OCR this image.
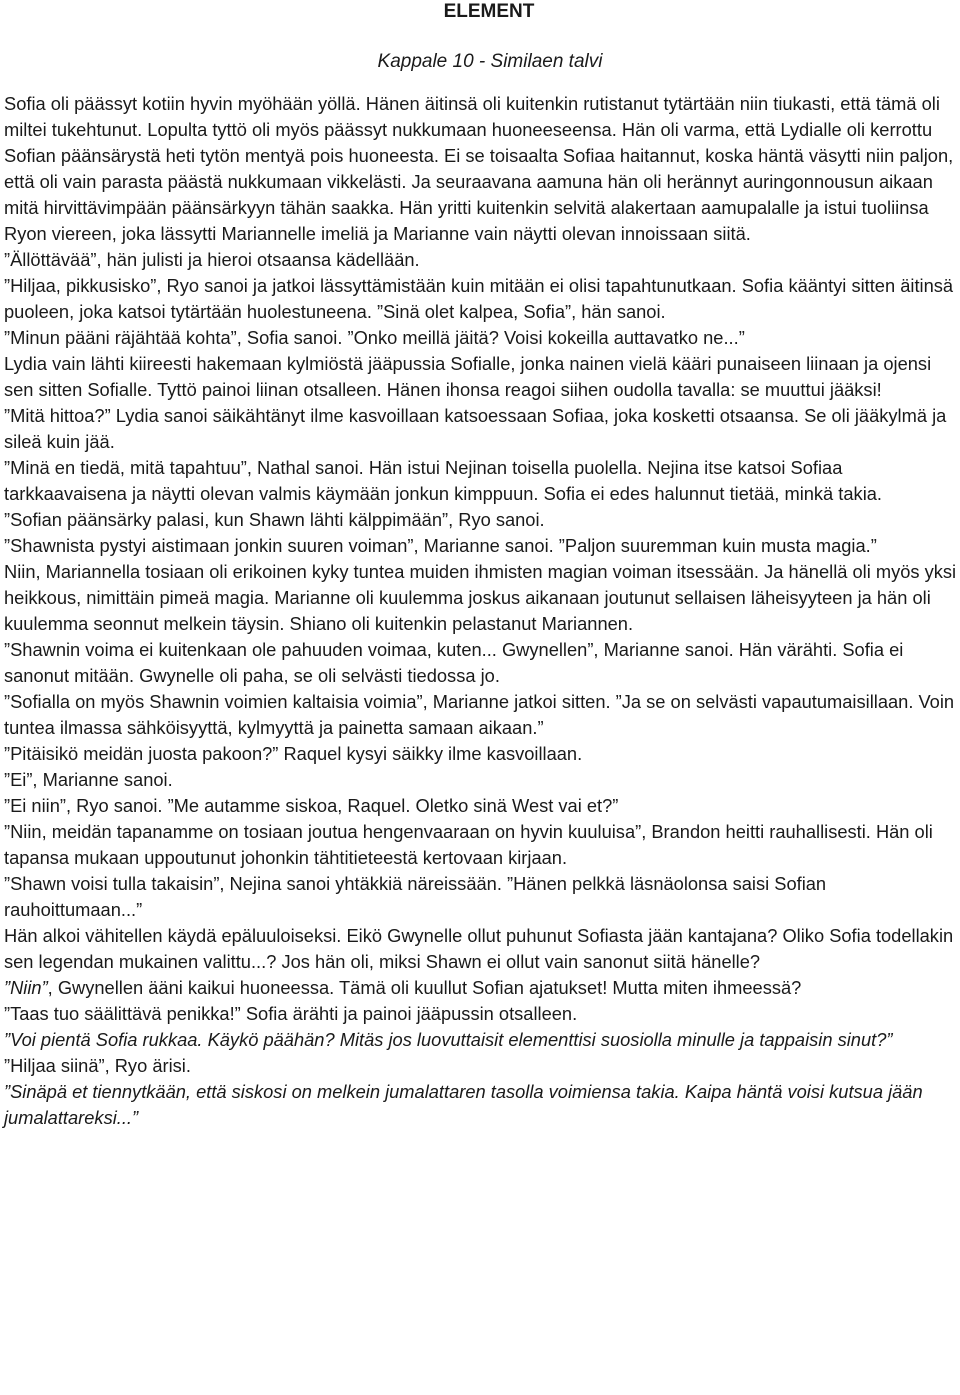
ELEMENT
Kappale 10 - Similaen talvi

Sofia oli päässyt kotiin hyvin myöhään yöllä. Hänen äitinsä oli kuitenkin rutistanut tytärtään niin tiukasti, että tämä oli miltei tukehtunut. Lopulta tyttö oli myös päässyt nukkumaan huoneeseensa. Hän oli varma, että Lydialle oli kerrottu Sofian päänsärystä heti tytön mentyä pois huoneesta. Ei se toisaalta Sofiaa haitannut, koska häntä väsytti niin paljon, että oli vain parasta päästä nukkumaan vikkelästi. Ja seuraavana aamuna hän oli herännyt auringonnousun aikaan mitä hirvittävimpään päänsärkyyn tähän saakka. Hän yritti kuitenkin selvitä alakertaan aamupalalle ja istui tuoliinsa Ryon viereen, joka lässytti Mariannelle imeliä ja Marianne vain näytti olevan innoissaan siitä.

”Ällöttävää”, hän julisti ja hieroi otsaansa kädellään.

”Hiljaa, pikkusisko”, Ryo sanoi ja jatkoi lässyttämistään kuin mitään ei olisi tapahtunutkaan. Sofia kääntyi sitten äitinsä puoleen, joka katsoi tytärtään huolestuneena. ”Sinä olet kalpea, Sofia”, hän sanoi.

”Minun pääni räjähtää kohta”, Sofia sanoi. ”Onko meillä jäitä? Voisi kokeilla auttavatko ne...”

Lydia vain lähti kiireesti hakemaan kylmiöstä jääpussia Sofialle, jonka nainen vielä kääri punaiseen liinaan ja ojensi sen sitten Sofialle. Tyttö painoi liinan otsalleen. Hänen ihonsa reagoi siihen oudolla tavalla: se muuttui jääksi!

”Mitä hittoa?” Lydia sanoi säikähtänyt ilme kasvoillaan katsoessaan Sofiaa, joka kosketti otsaansa. Se oli jääkylmä ja sileä kuin jää.

”Minä en tiedä, mitä tapahtuu”, Nathal sanoi. Hän istui Nejinan toisella puolella. Nejina itse katsoi Sofiaa tarkkaavaisena ja näytti olevan valmis käymään jonkun kimppuun. Sofia ei edes halunnut tietää, minkä takia.

”Sofian päänsärky palasi, kun Shawn lähti kälppimään”, Ryo sanoi.

”Shawnista pystyi aistimaan jonkin suuren voiman”, Marianne sanoi. ”Paljon suuremman kuin musta magia.”

Niin, Mariannella tosiaan oli erikoinen kyky tuntea muiden ihmisten magian voiman itsessään. Ja hänellä oli myös yksi heikkous, nimittäin pimeä magia. Marianne oli kuulemma joskus aikanaan joutunut sellaisen läheisyyteen ja hän oli kuulemma seonnut melkein täysin. Shiano oli kuitenkin pelastanut Mariannen.

”Shawnin voima ei kuitenkaan ole pahuuden voimaa, kuten... Gwynellen”, Marianne sanoi. Hän värähti. Sofia ei sanonut mitään. Gwynelle oli paha, se oli selvästi tiedossa jo.

”Sofialla on myös Shawnin voimien kaltaisia voimia”, Marianne jatkoi sitten. ”Ja se on selvästi vapautumaisillaan. Voin tuntea ilmassa sähköisyyttä, kylmyyttä ja painetta samaan aikaan.”

”Pitäisikö meidän juosta pakoon?” Raquel kysyi säikky ilme kasvoillaan.

”Ei”, Marianne sanoi.

”Ei niin”, Ryo sanoi. ”Me autamme siskoa, Raquel. Oletko sinä West vai et?”

”Niin, meidän tapanamme on tosiaan joutua hengenvaaraan on hyvin kuuluisa”, Brandon heitti rauhallisesti. Hän oli tapansa mukaan uppoutunut johonkin tähtitieteestä kertovaan kirjaan.

”Shawn voisi tulla takaisin”, Nejina sanoi yhtäkkiä näreissään. ”Hänen pelkkä läsnäolonsa saisi Sofian rauhoittumaan...”

Hän alkoi vähitellen käydä epäluuloiseksi. Eikö Gwynelle ollut puhunut Sofiasta jään kantajana? Oliko Sofia todellakin sen legendan mukainen valittu...? Jos hän oli, miksi Shawn ei ollut vain sanonut siitä hänelle?

”Niin”, Gwynellen ääni kaikui huoneessa. Tämä oli kuullut Sofian ajatukset! Mutta miten ihmeessä?

”Taas tuo säälittävä penikka!” Sofia ärähti ja painoi jääpussin otsalleen.

”Voi pientä Sofia rukkaa. Käykö päähän? Mitäs jos luovuttaisit elementtisi suosiolla minulle ja tappaisin sinut?”

”Hiljaa siinä”, Ryo ärisi.

”Sinäpä et tiennytkään, että siskosi on melkein jumalattaren tasolla voimiensa takia. Kaipa häntä voisi kutsua jään jumalattareksi...”
